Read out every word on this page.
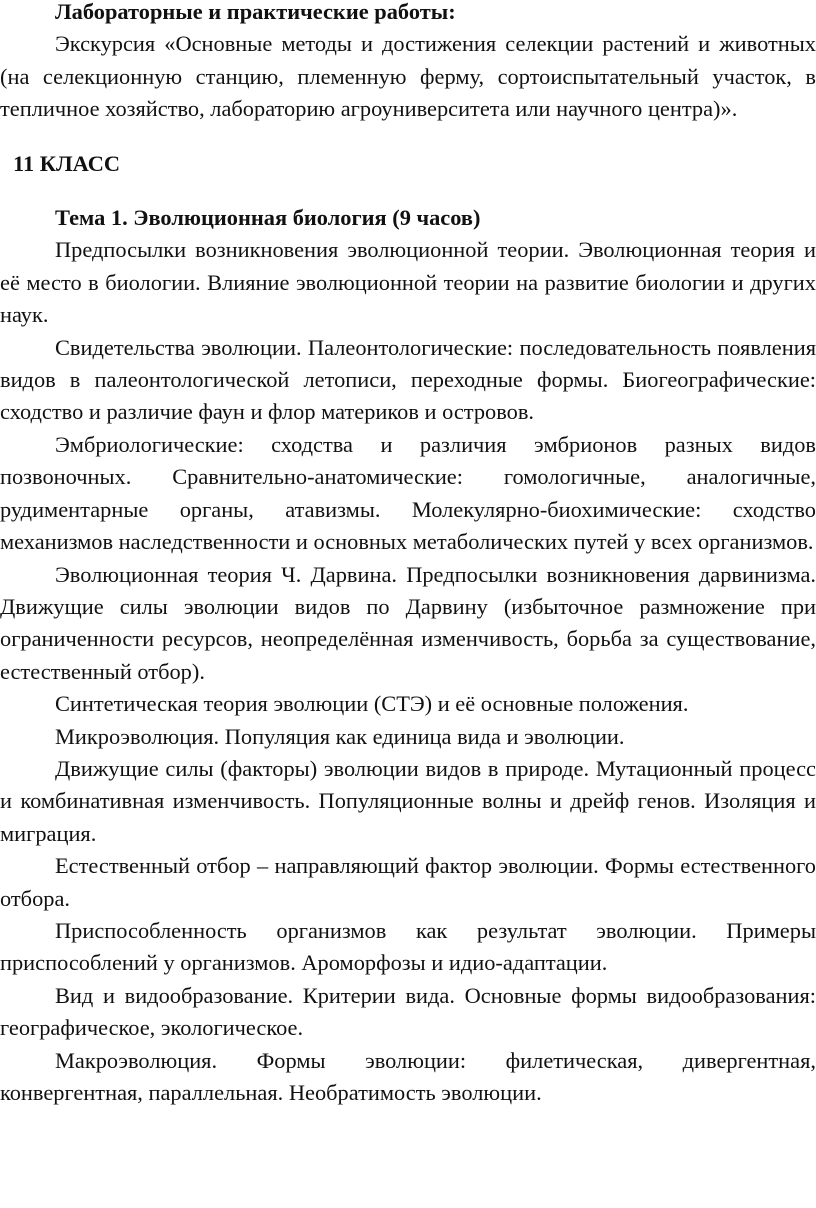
Лабораторные и практические работы:

Экскурсия «Основные методы и достижения селекции растений и животных (на селекционную станцию, племенную ферму, сортоиспытательный участок, в тепличное хозяйство, лабораторию агроуниверситета или научного центра)».

11 КЛАСС

Тема 1. Эволюционная биология (9 часов)

Предпосылки возникновения эволюционной теории. Эволюционная теория и её место в биологии. Влияние эволюционной теории на развитие биологии и других наук.

Свидетельства эволюции. Палеонтологические: последовательность появления видов в палеонтологической летописи, переходные формы. Биогеографические: сходство и различие фаун и флор материков и островов.

Эмбриологические: сходства и различия эмбрионов разных видов позвоночных. Сравнительно-анатомические: гомологичные, аналогичные, рудиментарные органы, атавизмы. Молекулярно-биохимические: сходство механизмов наследственности и основных метаболических путей у всех организмов.

Эволюционная теория Ч. Дарвина. Предпосылки возникновения дарвинизма. Движущие силы эволюции видов по Дарвину (избыточное размножение при ограниченности ресурсов, неопределённая изменчивость, борьба за существование, естественный отбор).

Синтетическая теория эволюции (СТЭ) и её основные положения.

Микроэволюция. Популяция как единица вида и эволюции.

Движущие силы (факторы) эволюции видов в природе. Мутационный процесс и комбинативная изменчивость. Популяционные волны и дрейф генов. Изоляция и миграция.

Естественный отбор – направляющий фактор эволюции. Формы естественного отбора.

Приспособленность организмов как результат эволюции. Примеры приспособлений у организмов. Ароморфозы и идио-адаптации.

Вид и видообразование. Критерии вида. Основные формы видообразования: географическое, экологическое.

Макроэволюция. Формы эволюции: филетическая, дивергентная, конвергентная, параллельная. Необратимость эволюции.
